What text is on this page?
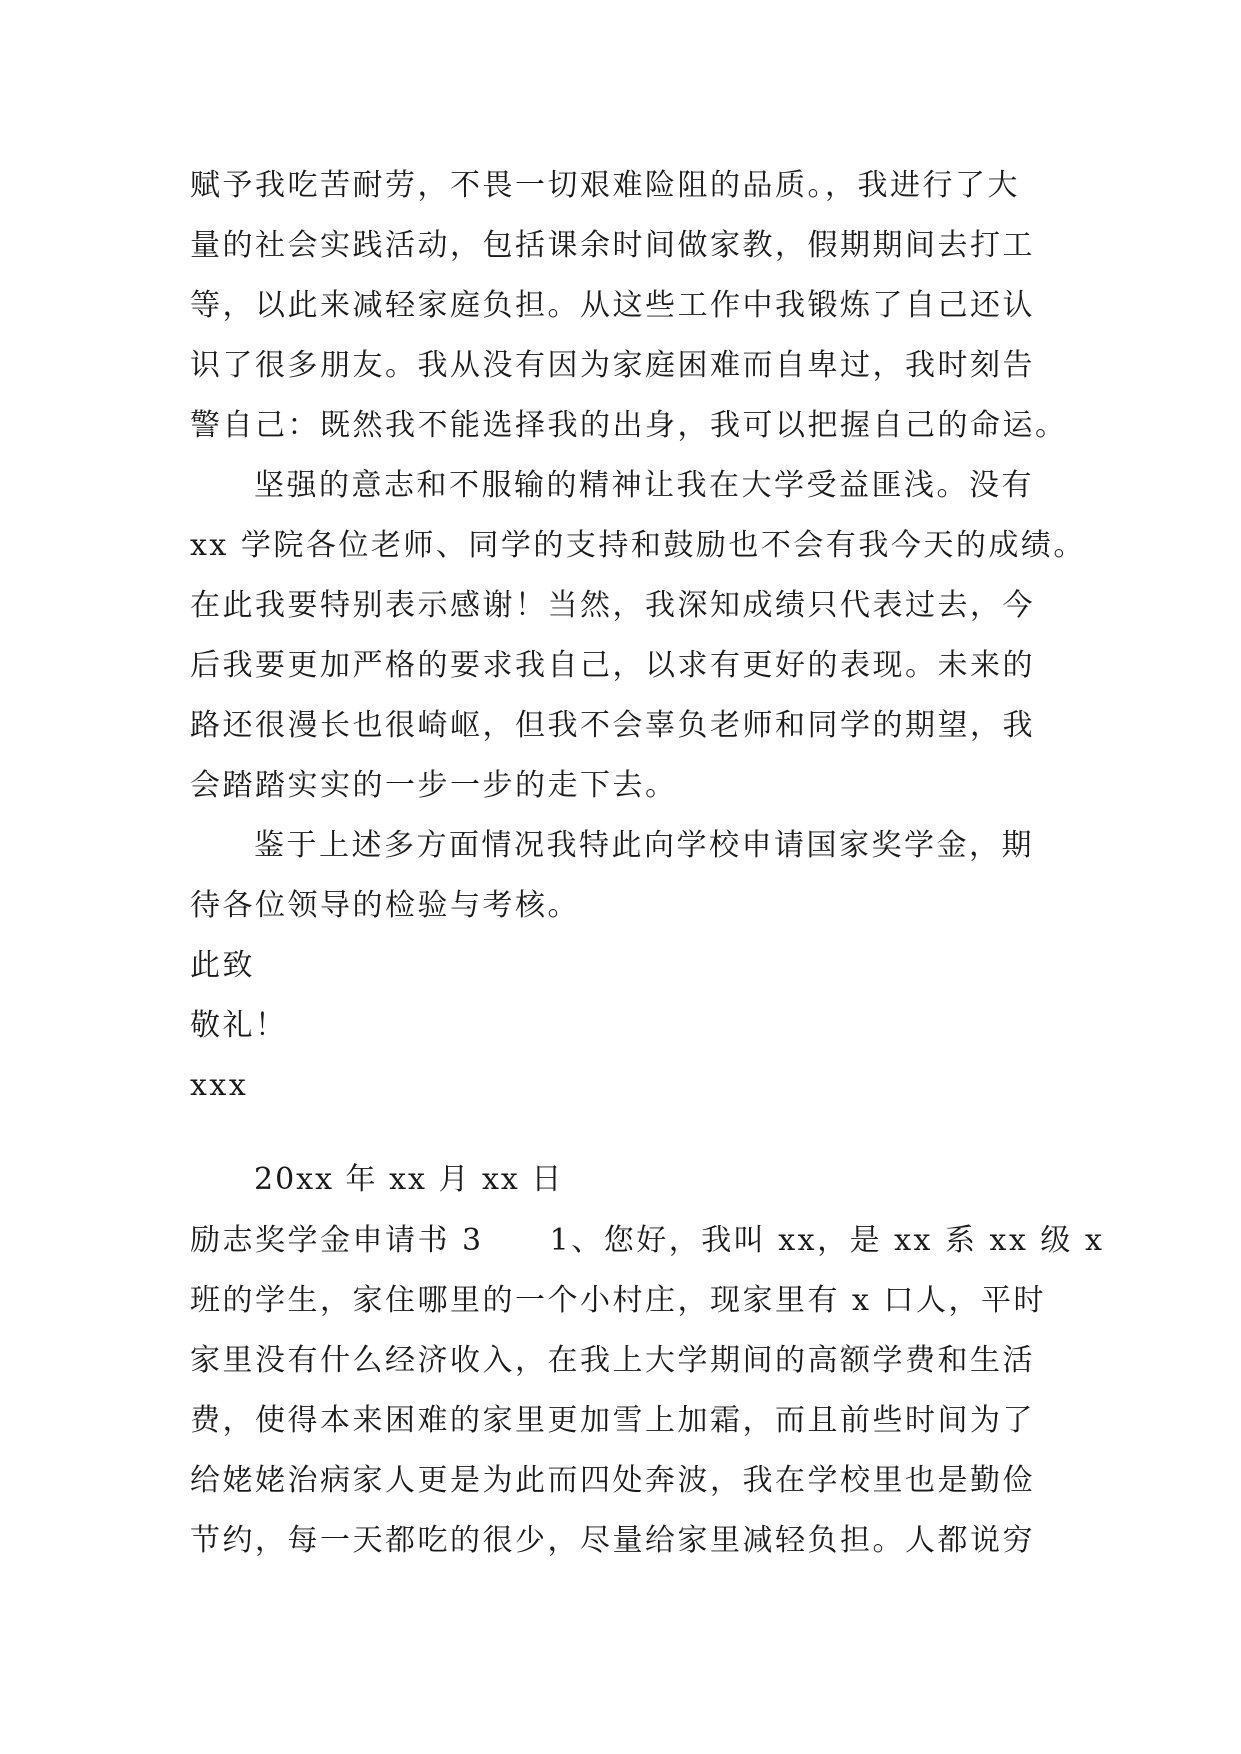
赋予我吃苦耐劳，不畏一切艰难险阻的品质。，我进行了大
量的社会实践活动，包括课余时间做家教，假期期间去打工
等，以此来减轻家庭负担。从这些工作中我锻炼了自己还认
识了很多朋友。我从没有因为家庭困难而自卑过，我时刻告
警自己：既然我不能选择我的出身，我可以把握自己的命运。
坚强的意志和不服输的精神让我在大学受益匪浅。没有
xx 学院各位老师、同学的支持和鼓励也不会有我今天的成绩。
在此我要特别表示感谢！当然，我深知成绩只代表过去，今
后我要更加严格的要求我自己，以求有更好的表现。未来的
路还很漫长也很崎岖，但我不会辜负老师和同学的期望，我
会踏踏实实的一步一步的走下去。
鉴于上述多方面情况我特此向学校申请国家奖学金，期
待各位领导的检验与考核。
此致
敬礼！
xxx
20xx 年 xx 月 xx 日
励志奖学金申请书 3 1、您好，我叫 xx，是 xx 系 xx 级 x
班的学生，家住哪里的一个小村庄，现家里有 x 口人，平时
家里没有什么经济收入，在我上大学期间的高额学费和生活
费，使得本来困难的家里更加雪上加霜，而且前些时间为了
给姥姥治病家人更是为此而四处奔波，我在学校里也是勤俭
节约，每一天都吃的很少，尽量给家里减轻负担。人都说穷
